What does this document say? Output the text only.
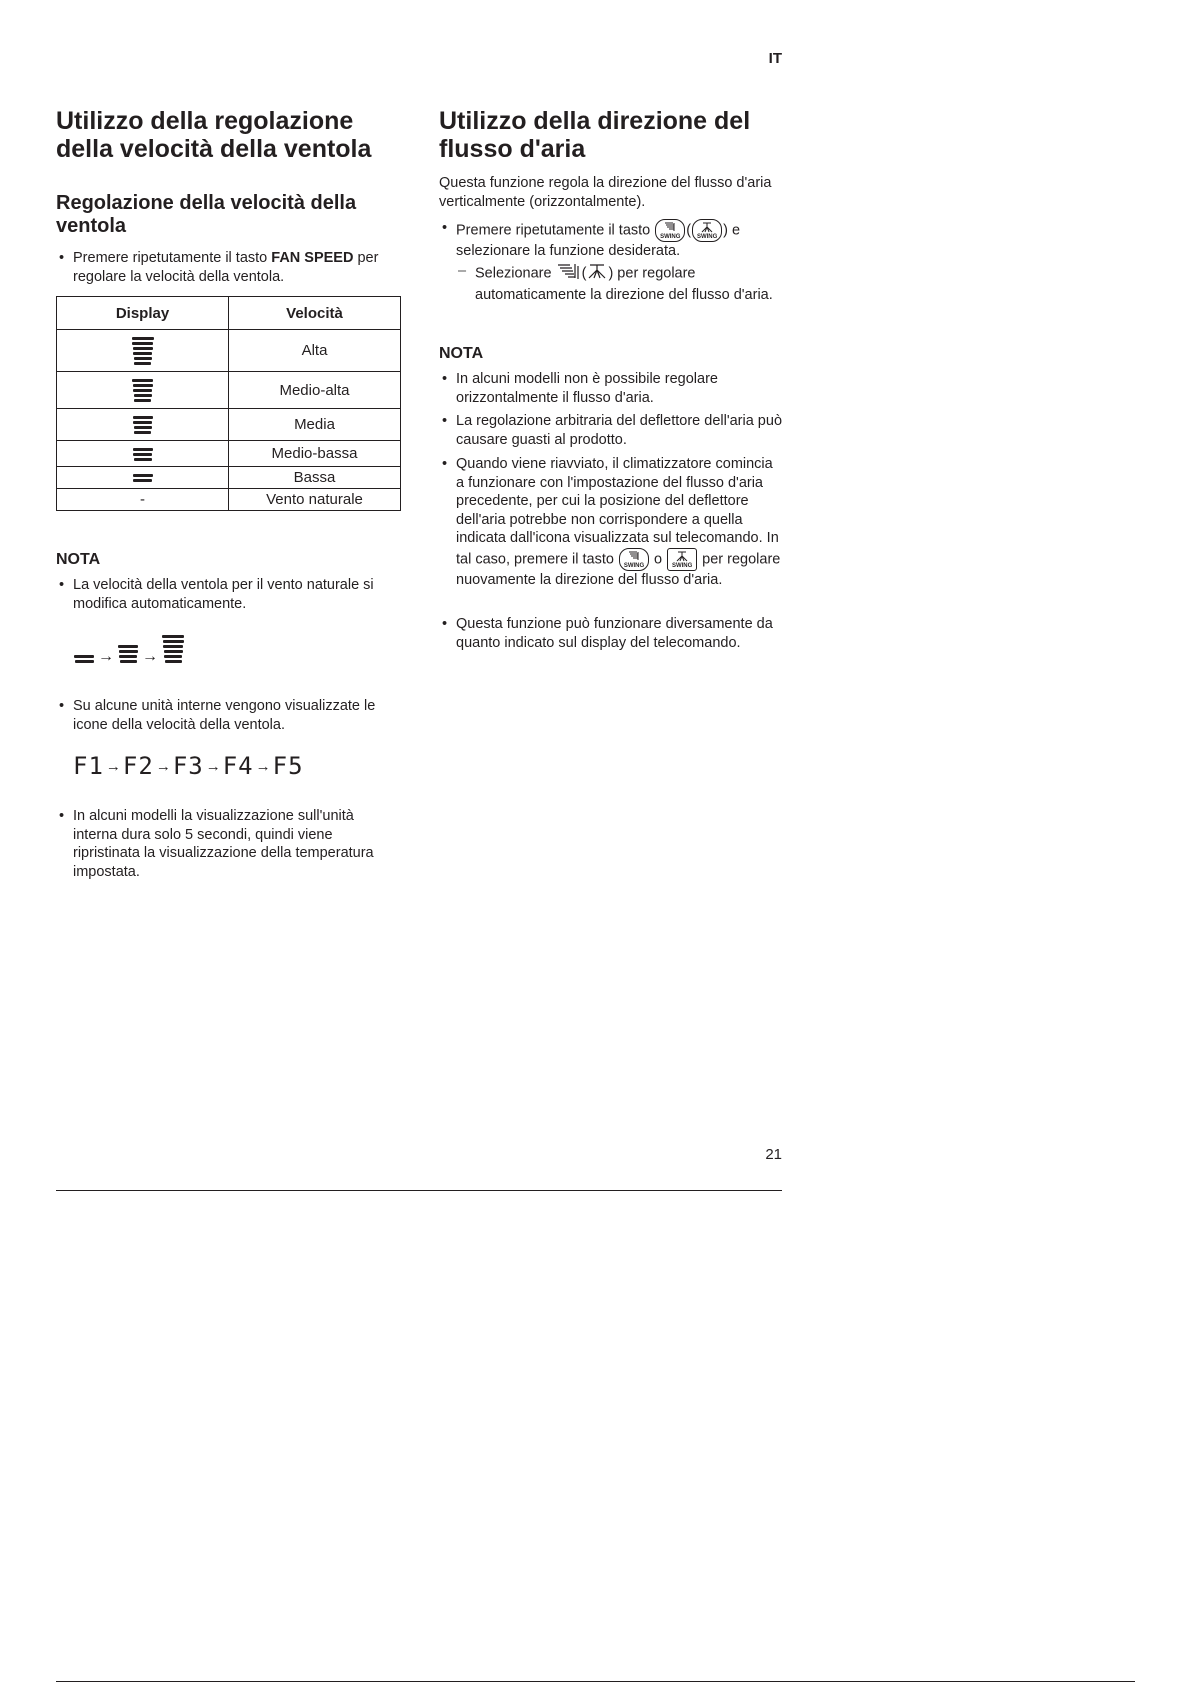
IT
Utilizzo della regolazione della velocità della ventola
Regolazione della velocità della ventola
• Premere ripetutamente il tasto FAN SPEED per regolare la velocità della ventola.
Display	Velocità

	Alta

	Medio-alta

	Media

	Medio-bassa

	Bassa
-	Vento naturale
NOTA
• La velocità della ventola per il vento naturale si modifica automaticamente.
→ →
• Su alcune unità interne vengono visualizzate le icone della velocità della ventola.
F1 → F2 → F3 → F4 → F5
• In alcuni modelli la visualizzazione sull'unità interna dura solo 5 secondi, quindi viene ripristinata la visualizzazione della temperatura impostata.
Utilizzo della direzione del flusso d'aria
Questa funzione regola la direzione del flusso d'aria verticalmente (orizzontalmente).
• Premere ripetutamente il tasto SWING ( SWING ) e selezionare la funzione desiderata.
– Selezionare ( ) per regolare automaticamente la direzione del flusso d'aria.
NOTA
• In alcuni modelli non è possibile regolare orizzontalmente il flusso d'aria.
• La regolazione arbitraria del deflettore dell'aria può causare guasti al prodotto.
• Quando viene riavviato, il climatizzatore comincia a funzionare con l'impostazione del flusso d'aria precedente, per cui la posizione del deflettore dell'aria potrebbe non corrispondere a quella indicata dall'icona visualizzata sul telecomando. In tal caso, premere il tasto SWING o SWING per regolare nuovamente la direzione del flusso d'aria.
• Questa funzione può funzionare diversamente da quanto indicato sul display del telecomando.
21
